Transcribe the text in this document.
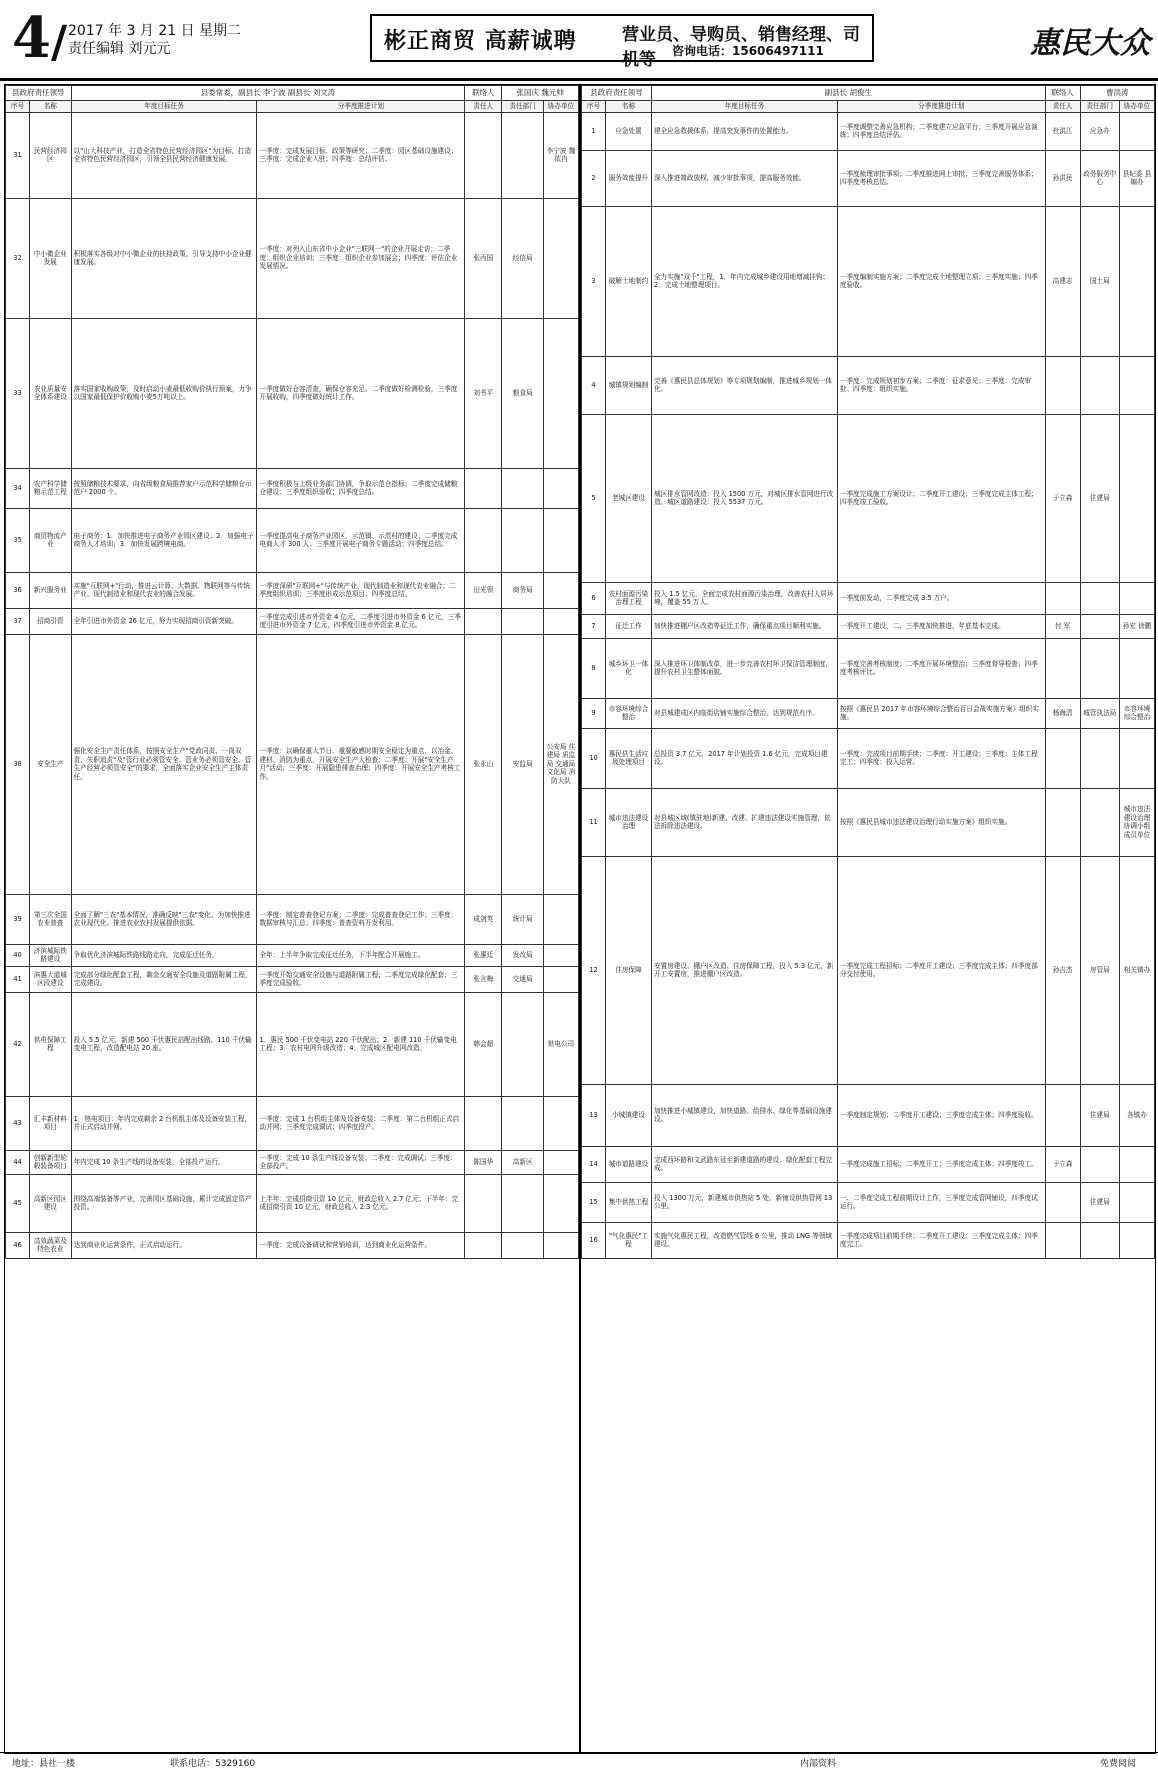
4/ 2017 年 3 月 21 日 星期二
责任编辑 刘元元	彬正商贸 高薪诚聘	营业员、导购员、销售经理、司机等	咨询电话：15606497111	惠民大众
县政府责任领导		县委常委，副县长 李宁波 副县长 刘文涛		联络人	张国庆 魏元帅	
序号	名称	年度目标任务	分季度推进计划	责任人	责任部门	协办单位
31	民营经济园区	以"山大科技产业，打造全省特色民营经济园区"为目标，打造全省特色民营经济园区，引领全县民营经济健康发展。	一季度：完成发展目标、政策等研究；二季度：园区基础设施建设；三季度：完成企业入驻；四季度：总结评估。			李宁波 魏依冉
32	中小微企业发展	积极落实各级对中小微企业的扶持政策，引导支持中小企业健康发展。	一季度：对列入山东省中小企业"三联网一"的企业开展走访；二季度：组织企业培训；三季度：组织企业参加展会；四季度：评估企业发展情况。	张丙国	经信局	
33	农业质量安全体系建设	落实国家收购政策，及时启动小麦最低收购价执行预案，力争以国家最低保护价收购小麦5万吨以上。	一季度做好仓容清查，确保仓容充足。二季度做好检测检验，三季度开展收购，四季度做好统计工作。	刘书平	粮食局	
34	农产科学储粮示范工程	按照储粮技术要求，向省级粮食局推荐家户示范科学储粮仓示范户 2000 个。	一季度积极与上级业务部门协调，争取示范仓指标；二季度完成储粮仓建设；三季度组织验收；四季度总结。			
35	商贸物流产业	电子商务：1．加快推进电子商务产业园区建设；2．加强电子商务人才培训；3．加快发展跨境电商。	一季度提高电子商务产业园区、示范镇、示范村的建设；二季度完成电商人才 300 人；三季度开展电子商务专题活动；四季度总结。			
36	新兴服务业	实施"互联网+"行动，推进云计算、大数据、物联网等与传统产业、现代制造业和现代农业的融合发展。	一季度深研"互联网+"与传统产业、现代制造业和现代农业融合；二季度组织培训；三季度形成示范项目；四季度总结。	田光领	商务局	
37	招商引资	全年引进市外资金 26 亿元，努力实现招商引资新突破。	一季度完成引进市外资金 4 亿元，二季度引进市外资金 6 亿元，三季度引进市外资金 7 亿元，四季度引进市外资金 8 亿元。			
38	安全生产	强化安全生产责任体系，按照安全生产"党政同责、一岗双责、失职追责"及"管行业必须管安全、管业务必须管安全、管生产经营必须管安全"的要求，全面落实企业安全生产主体责任。	一季度：以确保重大节日、重要敏感时期安全稳定为重点，以冶金、建材、消防为重点，开展安全生产大检查；二季度：开展"安全生产月"活动；三季度：开展隐患排查治理；四季度：开展安全生产考核工作。	张永山	安监局	公安局 住建局 质监局 交通局 文化局 消防大队
39	第三次全国农业普查	全面了解"三农"基本情况，准确反映"三农"变化，为加快推进农业现代化、推进农业农村发展提供依据。	一季度：制定普查登记方案；二季度：完成普查登记工作；三季度：数据审核与汇总；四季度：普查资料开发利用。	成剑英	统计局	
40	济滨城际铁路建设	争取优化济滨城际铁路线路走向，完成征迁任务。	全年：上半年争取完成征迁任务，下半年配合开展施工。	张惠廷	发改局	
41	滨惠大道城区段建设	完成部分绿化配套工程，剩余交通安全设施及道路附属工程，完成建设。	一季度开始交通安全设施与道路附属工程；二季度完成绿化配套；三季度完成验收。	张言梅	交通局	
42	供电保障工程	投入 5.5 亿元，新建 500 千伏惠民站配出线路、110 千伏输变电工程，改造配电站 20 座。	1．惠民 500 千伏变电站 220 千伏配出；2．新建 110 千伏输变电工程；3．农村电网升级改造；4．完成城区配电网改造。	韩会超		供电公司
43	汇丰新材料项目	1．热电项目：年内完成剩余 2 台机组主体及设备安装工程，并正式启动并网。	一季度：完成 1 台机组主体及设备安装；二季度：第二台机组正式启动并网；三季度完成调试；四季度投产。			
44	创新新型轮毂装备项目	年内完成 10 条生产线的设备安装，全部投产运行。	一季度：完成 10 条生产线设备安装；二季度：完成调试；三季度：全部投产。	陈国华	高新区	
45	高新区园区建设	围绕高端装备等产业，完善园区基础设施，累计完成固定资产投资。	上半年：完成招商引资 10 亿元，财政总收入 2.7 亿元；下半年：完成招商引资 10 亿元，财政总收入 2.3 亿元。			
46	高效蔬菜及特色农业	达到商业化运营条件，正式启动运行。	一季度：完成设备调试和营销培训，达到商业化运营条件。			
县政府责任领导		副县长 胡俊生		联络人	曹洪涛	
序号	名称	年度目标任务	分季度推进计划	责任人	责任部门	协办单位
1	应急处置	建全应急救援体系，提高突发事件的处置能力。	一季度调整完善应急机构；二季度建立应急平台；三季度开展应急演练；四季度总结评估。	杜洪江	应急办	
2	服务效能提升	深入推进简政放权，减少审批事项，提高服务效能。	一季度梳理审批事项；二季度推进网上审批；三季度完善服务体系；四季度考核总结。	孙洪民	政务服务中心	县纪委 县编办
3	破解土地制约	全力实施"双千"工程，1．年内完成城乡建设用地增减挂钩；2．完成土地整理项目。	一季度编制实施方案；二季度完成土地整理立项；三季度实施；四季度验收。	高建志	国土局	
4	城镇规划编制	完善《惠民县总体规划》等专项规划编制，推进城乡规划一体化。	一季度：完成规划初步方案；二季度：征求意见；三季度：完成审批；四季度：组织实施。			
5	老城区建设	城区排水管网改造：投入 1500 万元，对城区排水管网进行改造。城区道路建设：投入 5537 万元。	一季度完成施工方案设计；二季度开工建设；三季度完成主体工程；四季度竣工验收。	于立森	住建局	
6	农村面源污染治理工程	投入 1.5 亿元，全面完成农村面源污染治理，改善农村人居环境，覆盖 55 万人。	一季度前发动，二季度完成 3.5 万户。			
7	征迁工作	加快推进棚户区改造等征迁工作，确保重点项目顺利实施。	一季度开工建设，二、三季度加快推进，年底基本完成。	付 军		孙宏 徐鹏
8	城乡环卫一体化	深入推进环卫体制改革，进一步完善农村环卫保洁管理制度，提升农村卫生整体面貌。	一季度完善考核制度；二季度开展环境整治；三季度督导检查；四季度考核评比。			
9	市容环境综合整治	对县城建成区内临街店铺实施综合整治，达到规范有序。	按照《惠民县 2017 年市容环境综合整治百日会战实施方案》组织实施。	杨海清	城管执法局	市容环境综合整治
10	惠民县生活垃圾处理项目	总投资 3.7 亿元，2017 年计划投资 1.6 亿元，完成项目建设。	一季度：完成项目前期手续；二季度：开工建设；三季度：主体工程完工；四季度：投入运营。			
11	城市违法建设治理	对县城区域(镇驻地)新建、改建、扩建违法建设实施管理，依法拆除违法建设。	按照《惠民县城市违法建设治理行动实施方案》组织实施。			城市违法建设治理协调小组成员单位
12	住房保障	安置房建设、棚户区改造、住房保障工程，投入 5.3 亿元，新开工安置房，推进棚户区改造。	一季度完成工程招标；二季度开工建设；三季度完成主体；四季度部分交付使用。	孙吉杰	房管局	相关镇办
13	小城镇建设	加快推进小城镇建设，加快道路、给排水、绿化等基础设施建设。	一季度制定规划；二季度开工建设；三季度完成主体；四季度验收。		住建局	各镇办
14	城市道路建设	完成西环路和文武路东延至新建道路的建设，绿化配套工程完成。	一季度完成施工招标；二季度开工；三季度完成主体；四季度竣工。	于立森		
15	集中供热工程	投入 1300 万元，新建城市供热站 5 处，新铺设供热管网 13 公里。	一、二季度完成工程前期设计工作，三季度完成管网铺设，四季度试运行。		住建局	
16	"气化惠民"工程	实施气化惠民工程，改造燃气管线 6 公里，推动 LNG 等领域建设。	一季度完成项目前期手续；二季度开工建设；三季度完成主体；四季度完工。			
地址：县社一楼	联系电话：5329160	内部资料	免费阅阅
